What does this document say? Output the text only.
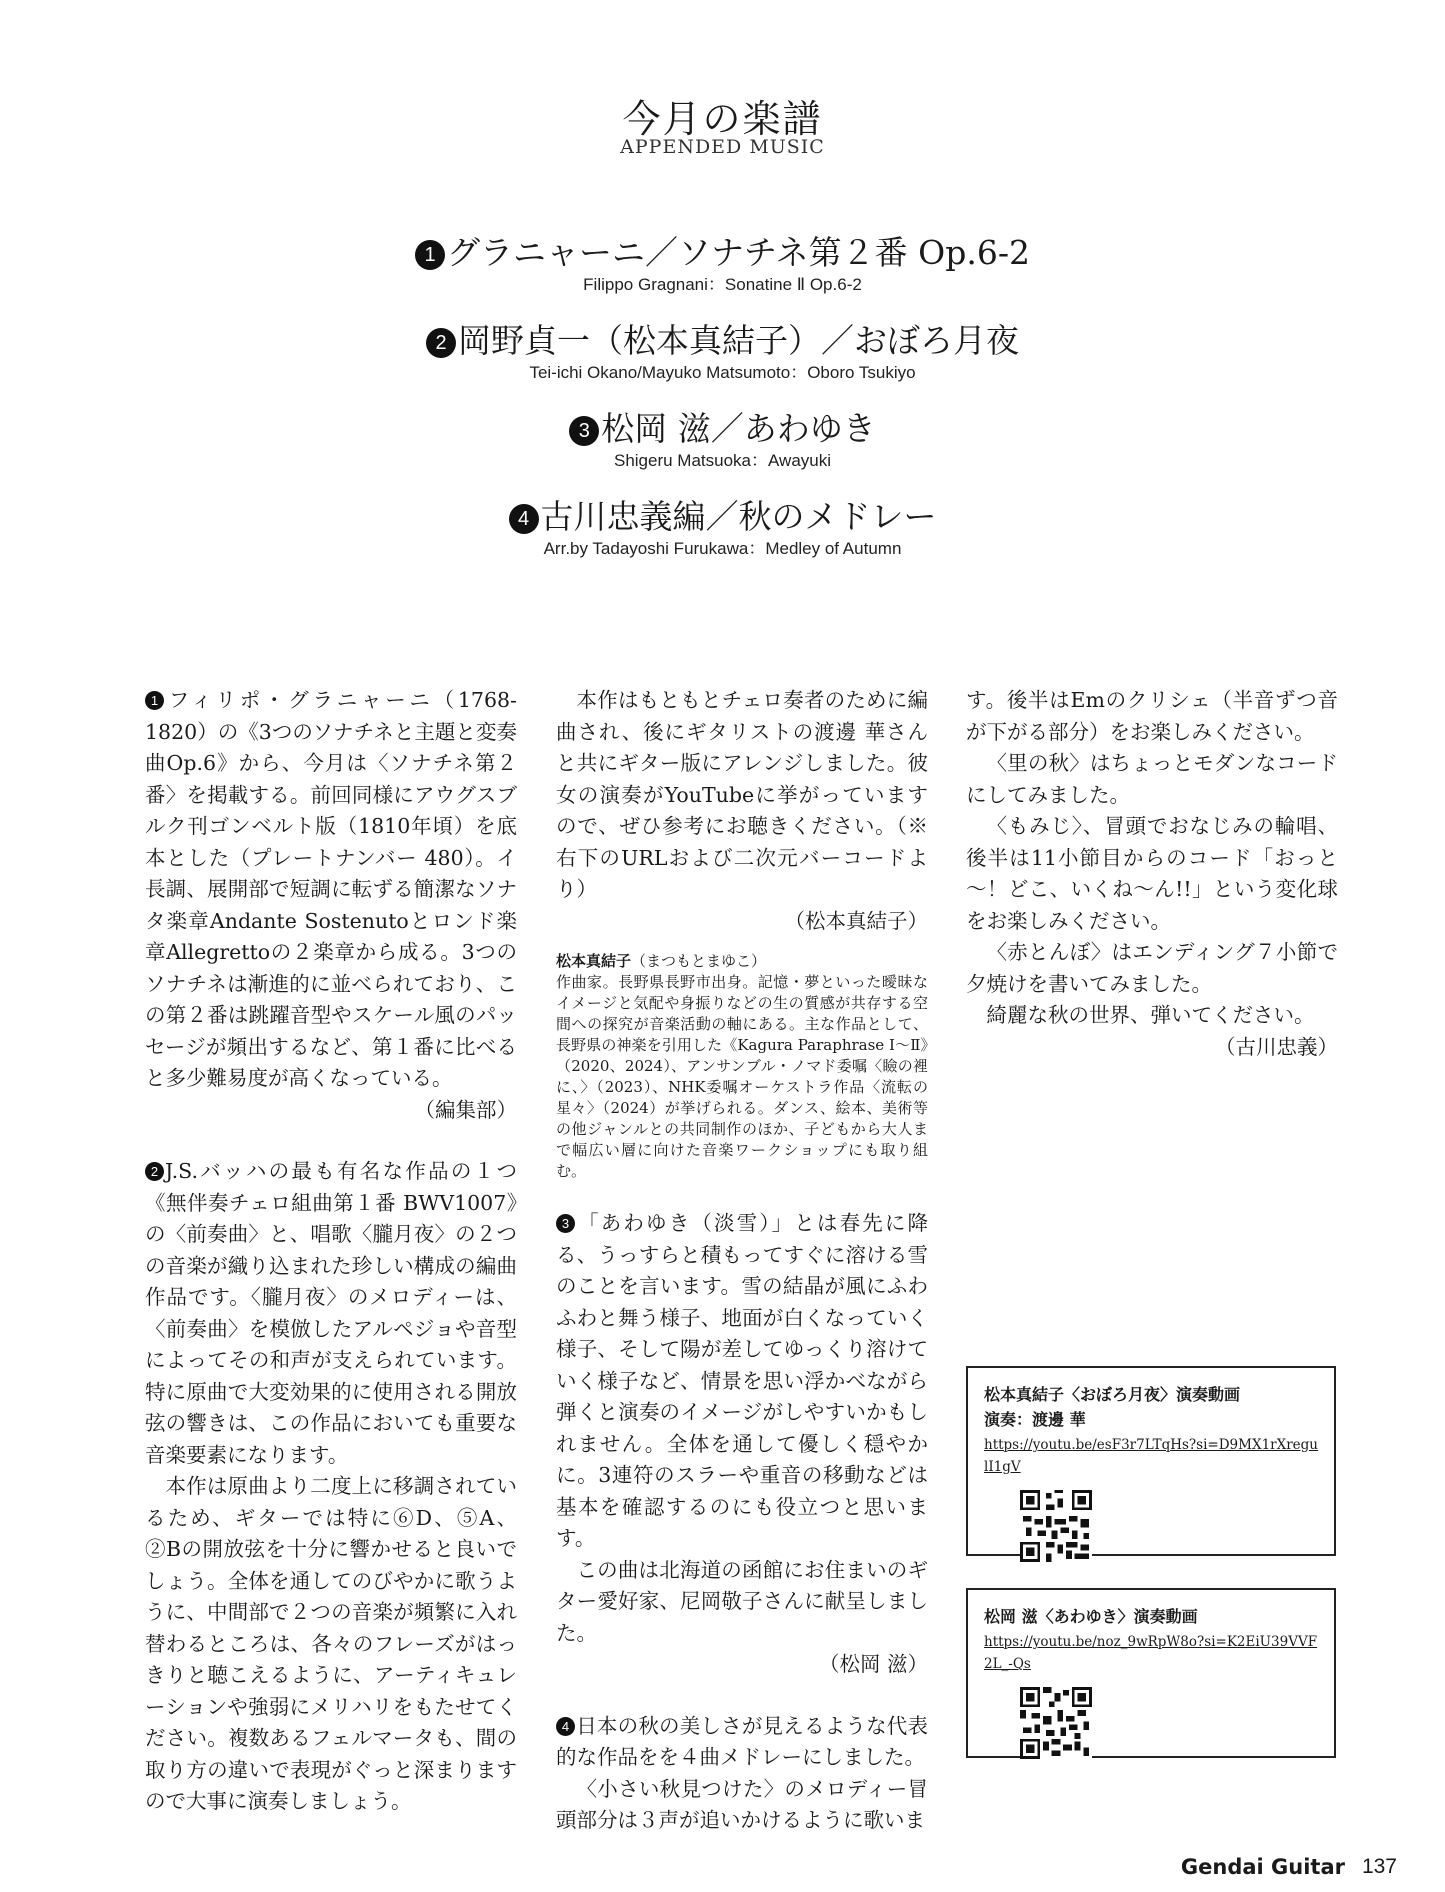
今月の楽譜
APPENDED MUSIC
1 グラニャーニ／ソナチネ第２番 Op.6-2
Filippo Gragnani：Sonatine Ⅱ Op.6-2
2 岡野貞一（松本真結子）／おぼろ月夜
Tei-ichi Okano/Mayuko Matsumoto：Oboro Tsukiyo
3 松岡 滋／あわゆき
Shigeru Matsuoka：Awayuki
4 古川忠義編／秋のメドレー
Arr.by Tadayoshi Furukawa：Medley of Autumn

1 フィリポ・グラニャーニ（1768-1820）の《3つのソナチネと主題と変奏曲Op.6》から、今月は〈ソナチネ第２番〉を掲載する。前回同様にアウグスブルク刊ゴンベルト版（1810年頃）を底本とした（プレートナンバー 480）。イ長調、展開部で短調に転ずる簡潔なソナタ楽章Andante Sostenutoとロンド楽章Allegrettoの２楽章から成る。3つのソナチネは漸進的に並べられており、この第２番は跳躍音型やスケール風のパッセージが頻出するなど、第１番に比べると多少難易度が高くなっている。

（編集部）

2 J.S.バッハの最も有名な作品の１つ《無伴奏チェロ組曲第１番 BWV1007》の〈前奏曲〉と、唱歌〈朧月夜〉の２つの音楽が織り込まれた珍しい構成の編曲作品です。〈朧月夜〉のメロディーは、〈前奏曲〉を模倣したアルペジョや音型によってその和声が支えられています。特に原曲で大変効果的に使用される開放弦の響きは、この作品においても重要な音楽要素になります。

本作は原曲より二度上に移調されているため、ギターでは特に⑥D、⑤A、②Bの開放弦を十分に響かせると良いでしょう。全体を通してのびやかに歌うように、中間部で２つの音楽が頻繁に入れ替わるところは、各々のフレーズがはっきりと聴こえるように、アーティキュレーションや強弱にメリハリをもたせてください。複数あるフェルマータも、間の取り方の違いで表現がぐっと深まりますので大事に演奏しましょう。

本作はもともとチェロ奏者のために編曲され、後にギタリストの渡邊 華さんと共にギター版にアレンジしました。彼女の演奏がYouTubeに挙がっていますので、ぜひ参考にお聴きください。（※右下のURLおよび二次元バーコードより）

（松本真結子）

松本真結子（まつもとまゆこ）
作曲家。長野県長野市出身。記憶・夢といった曖昧なイメージと気配や身振りなどの生の質感が共存する空間への探究が音楽活動の軸にある。主な作品として、長野県の神楽を引用した《Kagura Paraphrase Ⅰ～Ⅱ》（2020、2024）、アンサンブル・ノマド委嘱〈瞼の裡に、〉（2023）、NHK委嘱オーケストラ作品〈流転の星々〉（2024）が挙げられる。ダンス、絵本、美術等の他ジャンルとの共同制作のほか、子どもから大人まで幅広い層に向けた音楽ワークショップにも取り組む。

3 「あわゆき（淡雪）」とは春先に降る、うっすらと積もってすぐに溶ける雪のことを言います。雪の結晶が風にふわふわと舞う様子、地面が白くなっていく様子、そして陽が差してゆっくり溶けていく様子など、情景を思い浮かべながら弾くと演奏のイメージがしやすいかもしれません。全体を通して優しく穏やかに。3連符のスラーや重音の移動などは基本を確認するのにも役立つと思います。

この曲は北海道の函館にお住まいのギター愛好家、尼岡敬子さんに献呈しました。

（松岡 滋）

4 日本の秋の美しさが見えるような代表的な作品をを４曲メドレーにしました。

〈小さい秋見つけた〉のメロディー冒頭部分は３声が追いかけるように歌いま

す。後半はEmのクリシェ（半音ずつ音が下がる部分）をお楽しみください。

〈里の秋〉はちょっとモダンなコードにしてみました。

〈もみじ〉、冒頭でおなじみの輪唱、後半は11小節目からのコード「おっと～！どこ、いくね～ん!!」という変化球をお楽しみください。

〈赤とんぼ〉はエンディング７小節で夕焼けを書いてみました。

綺麗な秋の世界、弾いてください。

（古川忠義）

松本真結子〈おぼろ月夜〉演奏動画
演奏：渡邊 華
https://youtu.be/esF3r7LTqHs?si=D9MX1rXregulI1gV
松岡 滋〈あわゆき〉演奏動画
https://youtu.be/noz_9wRpW8o?si=K2EiU39VVF2L_-Qs
Gendai Guitar 137
